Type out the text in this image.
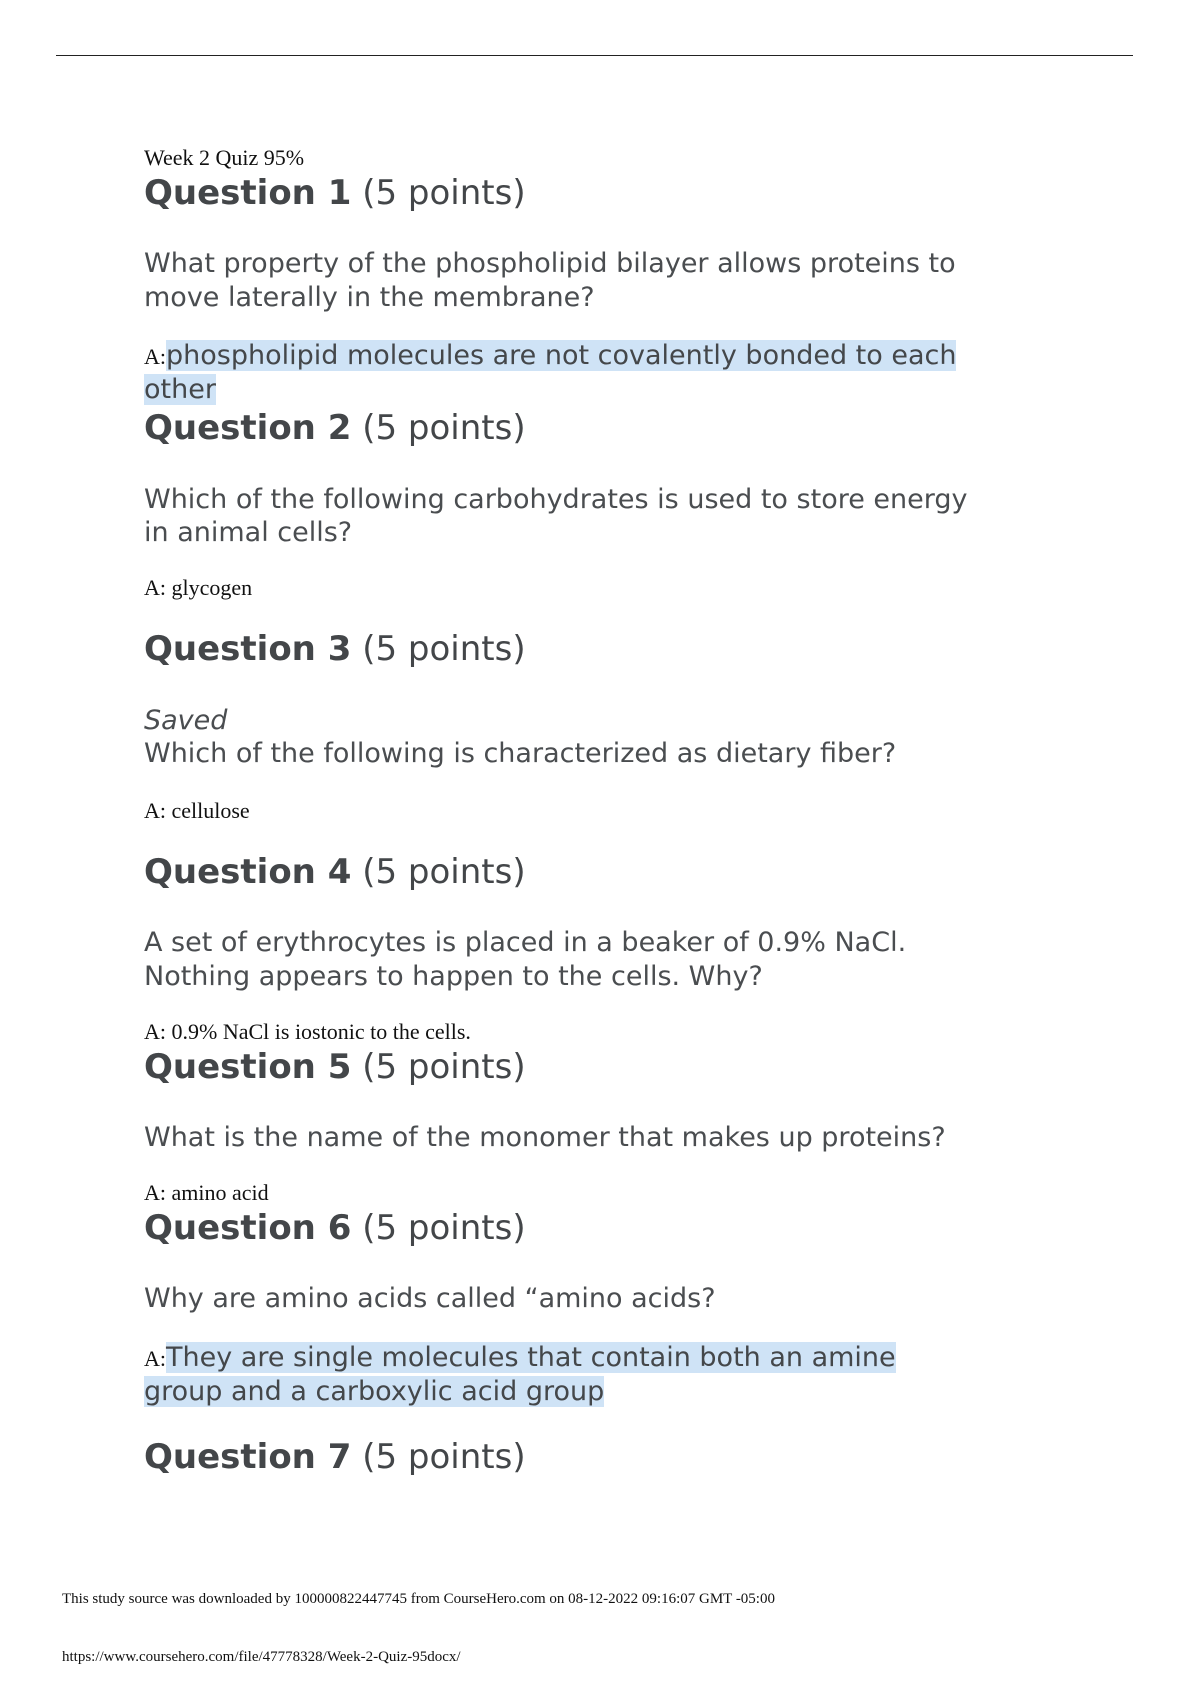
Week 2 Quiz 95%
Question 1 (5 points)
What property of the phospholipid bilayer allows proteins to
move laterally in the membrane?
A:phospholipid molecules are not covalently bonded to each
other
Question 2 (5 points)
Which of the following carbohydrates is used to store energy
in animal cells?
A: glycogen
Question 3 (5 points)
Saved
Which of the following is characterized as dietary fiber?
A: cellulose
Question 4 (5 points)
A set of erythrocytes is placed in a beaker of 0.9% NaCl.
Nothing appears to happen to the cells. Why?
A: 0.9% NaCl is iostonic to the cells.
Question 5 (5 points)
What is the name of the monomer that makes up proteins?
A: amino acid
Question 6 (5 points)
Why are amino acids called “amino acids?
A:They are single molecules that contain both an amine
group and a carboxylic acid group
Question 7 (5 points)
This study source was downloaded by 100000822447745 from CourseHero.com on 08-12-2022 09:16:07 GMT -05:00
https://www.coursehero.com/file/47778328/Week-2-Quiz-95docx/
